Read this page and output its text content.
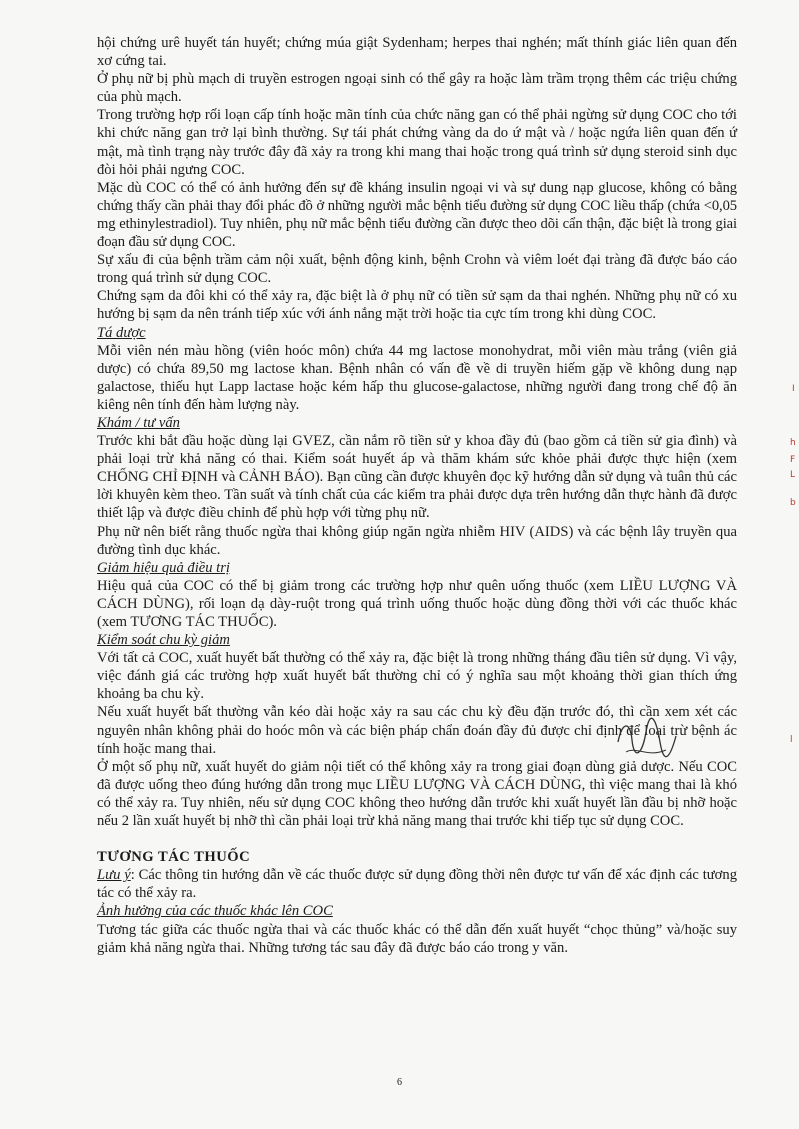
hội chứng urê huyết tán huyết; chứng múa giật Sydenham; herpes thai nghén; mất thính giác liên quan đến xơ cứng tai.

Ở phụ nữ bị phù mạch di truyền estrogen ngoại sinh có thể gây ra hoặc làm trầm trọng thêm các triệu chứng của phù mạch.

Trong trường hợp rối loạn cấp tính hoặc mãn tính của chức năng gan có thể phải ngừng sử dụng COC cho tới khi chức năng gan trở lại bình thường. Sự tái phát chứng vàng da do ứ mật và / hoặc ngứa liên quan đến ứ mật, mà tình trạng này trước đây đã xảy ra trong khi mang thai hoặc trong quá trình sử dụng steroid sinh dục đòi hỏi phải ngưng COC.

Mặc dù COC có thể có ảnh hưởng đến sự đề kháng insulin ngoại vi và sự dung nạp glucose, không có bằng chứng thấy cần phải thay đổi phác đồ ở những người mắc bệnh tiểu đường sử dụng COC liều thấp (chứa <0,05 mg ethinylestradiol). Tuy nhiên, phụ nữ mắc bệnh tiểu đường cần được theo dõi cẩn thận, đặc biệt là trong giai đoạn đầu sử dụng COC.

Sự xấu đi của bệnh trầm cảm nội xuất, bệnh động kinh, bệnh Crohn và viêm loét đại tràng đã được báo cáo trong quá trình sử dụng COC.

Chứng sạm da đôi khi có thể xảy ra, đặc biệt là ở phụ nữ có tiền sử sạm da thai nghén. Những phụ nữ có xu hướng bị sạm da nên tránh tiếp xúc với ánh nắng mặt trời hoặc tia cực tím trong khi dùng COC.

Tá dược

Mỗi viên nén màu hồng (viên hoóc môn) chứa 44 mg lactose monohydrat, mỗi viên màu trắng (viên giả dược) có chứa 89,50 mg lactose khan. Bệnh nhân có vấn đề về di truyền hiếm gặp về không dung nạp galactose, thiếu hụt Lapp lactase hoặc kém hấp thu glucose-galactose, những người đang trong chế độ ăn kiêng nên tính đến hàm lượng này.

Khám / tư vấn

Trước khi bắt đầu hoặc dùng lại GVEZ, cần nắm rõ tiền sử y khoa đầy đủ (bao gồm cả tiền sử gia đình) và phải loại trừ khả năng có thai. Kiểm soát huyết áp và thăm khám sức khỏe phải được thực hiện (xem CHỐNG CHỈ ĐỊNH và CẢNH BÁO). Bạn cũng cần được khuyên đọc kỹ hướng dẫn sử dụng và tuân thủ các lời khuyên kèm theo. Tần suất và tính chất của các kiểm tra phải được dựa trên hướng dẫn thực hành đã được thiết lập và được điều chỉnh để phù hợp với từng phụ nữ.

Phụ nữ nên biết rằng thuốc ngừa thai không giúp ngăn ngừa nhiễm HIV (AIDS) và các bệnh lây truyền qua đường tình dục khác.

Giảm hiệu quả điều trị

Hiệu quả của COC có thể bị giảm trong các trường hợp như quên uống thuốc (xem LIỀU LƯỢNG VÀ CÁCH DÙNG), rối loạn dạ dày-ruột trong quá trình uống thuốc hoặc dùng đồng thời với các thuốc khác (xem TƯƠNG TÁC THUỐC).

Kiểm soát chu kỳ giảm

Với tất cả COC, xuất huyết bất thường có thể xảy ra, đặc biệt là trong những tháng đầu tiên sử dụng. Vì vậy, việc đánh giá các trường hợp xuất huyết bất thường chỉ có ý nghĩa sau một khoảng thời gian thích ứng khoảng ba chu kỳ.

Nếu xuất huyết bất thường vẫn kéo dài hoặc xảy ra sau các chu kỳ đều đặn trước đó, thì cần xem xét các nguyên nhân không phải do hoóc môn và các biện pháp chẩn đoán đầy đủ được chỉ định để loại trừ bệnh ác tính hoặc mang thai.

Ở một số phụ nữ, xuất huyết do giảm nội tiết có thể không xảy ra trong giai đoạn dùng giả dược. Nếu COC đã được uống theo đúng hướng dẫn trong mục LIỀU LƯỢNG VÀ CÁCH DÙNG, thì việc mang thai là khó có thể xảy ra. Tuy nhiên, nếu sử dụng COC không theo hướng dẫn trước khi xuất huyết lần đầu bị nhỡ hoặc nếu 2 lần xuất huyết bị nhỡ thì cần phải loại trừ khả năng mang thai trước khi tiếp tục sử dụng COC.

TƯƠNG TÁC THUỐC

Lưu ý: Các thông tin hướng dẫn về các thuốc được sử dụng đồng thời nên được tư vấn để xác định các tương tác có thể xảy ra.

Ảnh hưởng của các thuốc khác lên COC

Tương tác giữa các thuốc ngừa thai và các thuốc khác có thể dẫn đến xuất huyết “chọc thủng” và/hoặc suy giảm khả năng ngừa thai. Những tương tác sau đây đã được báo cáo trong y văn.

I
h
F
L
b
l
6
